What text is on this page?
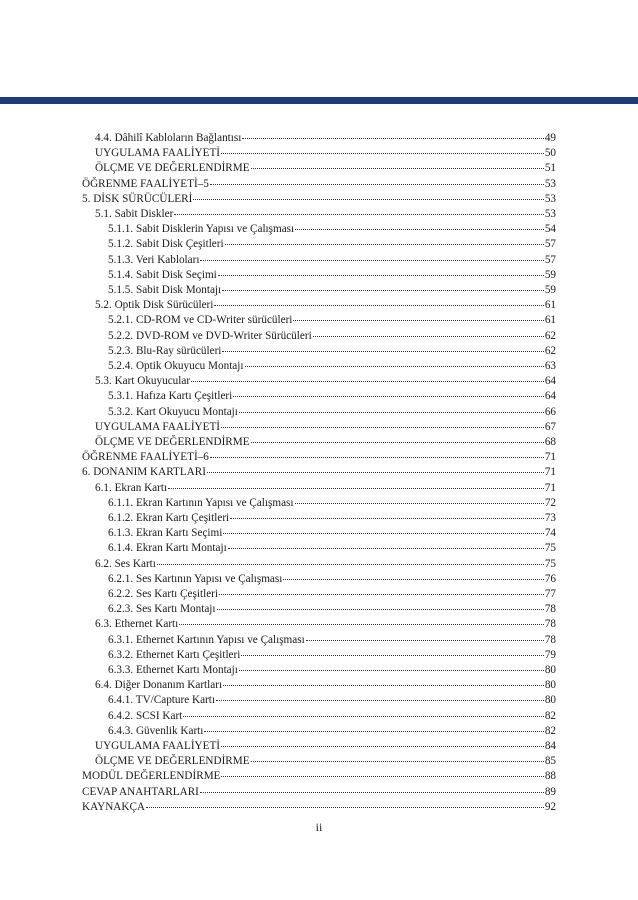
4.4. Dâhilî Kabloların Bağlantısı	49
UYGULAMA FAALİYETİ	50
ÖLÇME VE DEĞERLENDİRME	51
ÖĞRENME FAALİYETİ–5	53
5. DİSK SÜRÜCÜLERİ	53
5.1. Sabit Diskler	53
5.1.1. Sabit Disklerin Yapısı ve Çalışması	54
5.1.2. Sabit Disk Çeşitleri	57
5.1.3. Veri Kabloları	57
5.1.4. Sabit Disk Seçimi	59
5.1.5. Sabit Disk Montajı	59
5.2. Optik Disk Sürücüleri	61
5.2.1. CD-ROM ve CD-Writer sürücüleri	61
5.2.2. DVD-ROM ve DVD-Writer Sürücüleri	62
5.2.3. Blu-Ray sürücüleri	62
5.2.4. Optik Okuyucu Montajı	63
5.3. Kart Okuyucular	64
5.3.1. Hafıza Kartı Çeşitleri	64
5.3.2. Kart Okuyucu Montajı	66
UYGULAMA FAALİYETİ	67
ÖLÇME VE DEĞERLENDİRME	68
ÖĞRENME FAALİYETİ–6	71
6. DONANIM KARTLARI	71
6.1. Ekran Kartı	71
6.1.1. Ekran Kartının Yapısı ve Çalışması	72
6.1.2. Ekran Kartı Çeşitleri	73
6.1.3. Ekran Kartı Seçimi	74
6.1.4. Ekran Kartı Montajı	75
6.2. Ses Kartı	75
6.2.1. Ses Kartının Yapısı ve Çalışması	76
6.2.2. Ses Kartı Çeşitleri	77
6.2.3. Ses Kartı Montajı	78
6.3. Ethernet Kartı	78
6.3.1. Ethernet Kartının Yapısı ve Çalışması	78
6.3.2. Ethernet Kartı Çeşitleri	79
6.3.3. Ethernet Kartı Montajı	80
6.4. Diğer Donanım Kartları	80
6.4.1. TV/Capture Kartı	80
6.4.2. SCSI Kart	82
6.4.3. Güvenlik Kartı	82
UYGULAMA FAALİYETİ	84
ÖLÇME VE DEĞERLENDİRME	85
MODÜL DEĞERLENDİRME	88
CEVAP ANAHTARLARI	89
KAYNAKÇA	92
ii
